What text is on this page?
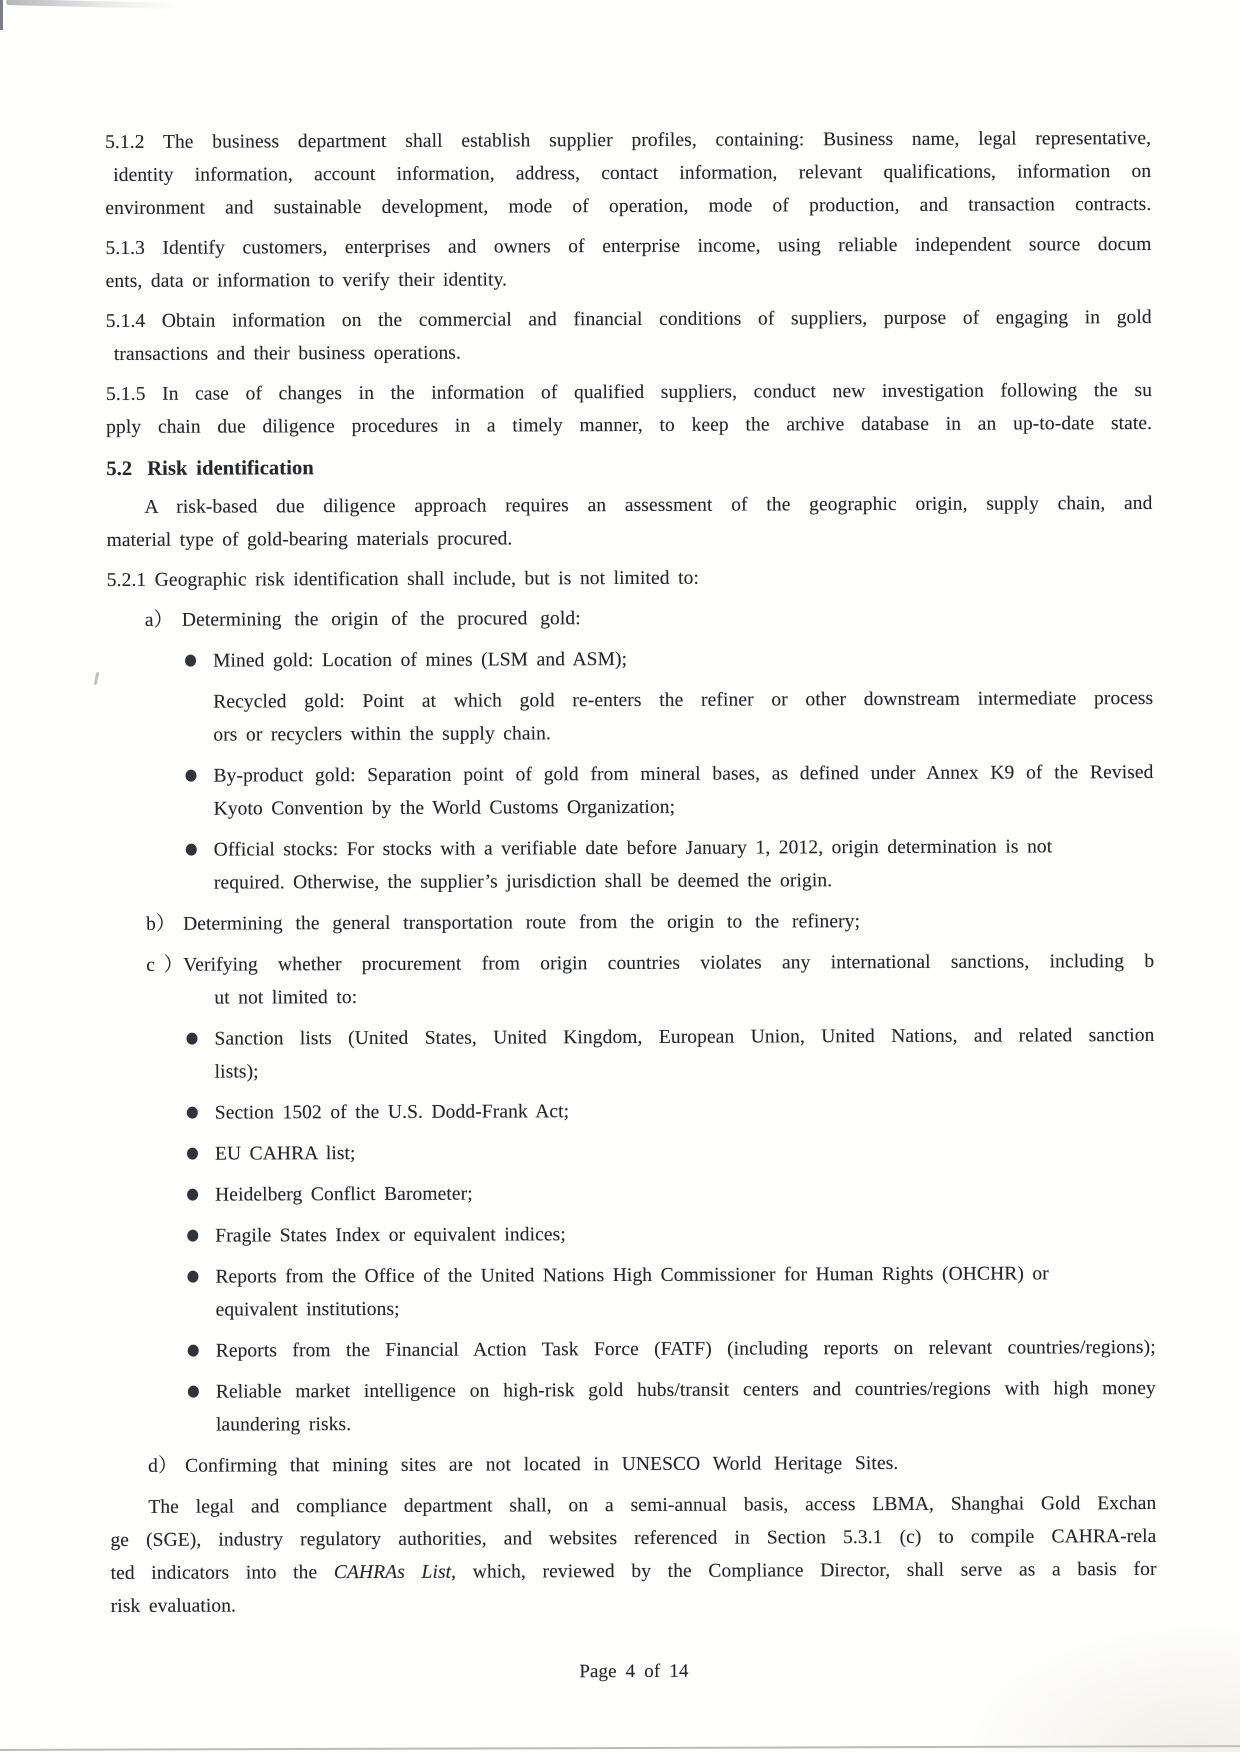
5.1.2 The business department shall establish supplier profiles, containing: Business name, legal representative,
identity information, account information, address, contact information, relevant qualifications, information on
environment and sustainable development, mode of operation, mode of production, and transaction contracts.
5.1.3 Identify customers, enterprises and owners of enterprise income, using reliable independent source docum
ents, data or information to verify their identity.
5.1.4 Obtain information on the commercial and financial conditions of suppliers, purpose of engaging in gold
transactions and their business operations.
5.1.5 In case of changes in the information of qualified suppliers, conduct new investigation following the su
pply chain due diligence procedures in a timely manner, to keep the archive database in an up-to-date state.
5.2 Risk identification
A risk-based due diligence approach requires an assessment of the geographic origin, supply chain, and
material type of gold-bearing materials procured.
5.2.1 Geographic risk identification shall include, but is not limited to:
a） Determining the origin of the procured gold:
Mined gold: Location of mines (LSM and ASM);
Recycled gold: Point at which gold re-enters the refiner or other downstream intermediate process
ors or recyclers within the supply chain.
By-product gold: Separation point of gold from mineral bases, as defined under Annex K9 of the Revised
Kyoto Convention by the World Customs Organization;
Official stocks: For stocks with a verifiable date before January 1, 2012, origin determination is not
required. Otherwise, the supplier’s jurisdiction shall be deemed the origin.
b） Determining the general transportation route from the origin to the refinery;
c）Verifying whether procurement from origin countries violates any international sanctions, including b
ut not limited to:
Sanction lists (United States, United Kingdom, European Union, United Nations, and related sanction
lists);
Section 1502 of the U.S. Dodd-Frank Act;
EU CAHRA list;
Heidelberg Conflict Barometer;
Fragile States Index or equivalent indices;
Reports from the Office of the United Nations High Commissioner for Human Rights (OHCHR) or
equivalent institutions;
Reports from the Financial Action Task Force (FATF) (including reports on relevant countries/regions);
Reliable market intelligence on high-risk gold hubs/transit centers and countries/regions with high money
laundering risks.
d） Confirming that mining sites are not located in UNESCO World Heritage Sites.
The legal and compliance department shall, on a semi-annual basis, access LBMA, Shanghai Gold Exchan
ge (SGE), industry regulatory authorities, and websites referenced in Section 5.3.1 (c) to compile CAHRA-rela
ted indicators into the CAHRAs List, which, reviewed by the Compliance Director, shall serve as a basis for
risk evaluation.
Page 4 of 14
